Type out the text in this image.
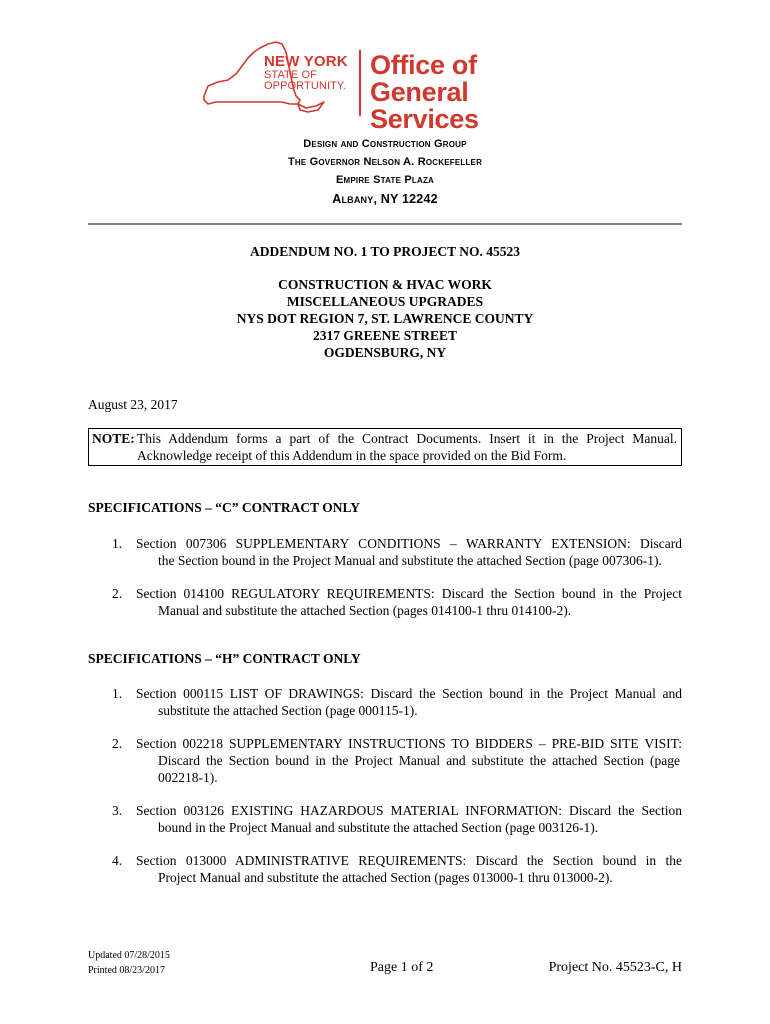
NEW YORK
STATE OF
OPPORTUNITY.
Office of
General Services
Design and Construction Group
The Governor Nelson A. Rockefeller
Empire State Plaza
Albany, NY 12242
ADDENDUM NO. 1 TO PROJECT NO. 45523
CONSTRUCTION & HVAC WORK
MISCELLANEOUS UPGRADES
NYS DOT REGION 7, ST. LAWRENCE COUNTY
2317 GREENE STREET
OGDENSBURG, NY
August 23, 2017
NOTE: This Addendum forms a part of the Contract Documents. Insert it in the Project Manual.
Acknowledge receipt of this Addendum in the space provided on the Bid Form.
SPECIFICATIONS – “C” CONTRACT ONLY
1. Section 007306 SUPPLEMENTARY CONDITIONS – WARRANTY EXTENSION: Discard
the Section bound in the Project Manual and substitute the attached Section (page 007306-1).
2. Section 014100 REGULATORY REQUIREMENTS: Discard the Section bound in the Project
Manual and substitute the attached Section (pages 014100-1 thru 014100-2).
SPECIFICATIONS – “H” CONTRACT ONLY
1. Section 000115 LIST OF DRAWINGS: Discard the Section bound in the Project Manual and
substitute the attached Section (page 000115-1).
2. Section 002218 SUPPLEMENTARY INSTRUCTIONS TO BIDDERS – PRE-BID SITE VISIT:
Discard the Section bound in the Project Manual and substitute the attached Section (page 002218-1).
3. Section 003126 EXISTING HAZARDOUS MATERIAL INFORMATION: Discard the Section
bound in the Project Manual and substitute the attached Section (page 003126-1).
4. Section 013000 ADMINISTRATIVE REQUIREMENTS: Discard the Section bound in the
Project Manual and substitute the attached Section (pages 013000-1 thru 013000-2).
Updated 07/28/2015
Printed 08/23/2017	Page 1 of 2	Project No. 45523-C, H
